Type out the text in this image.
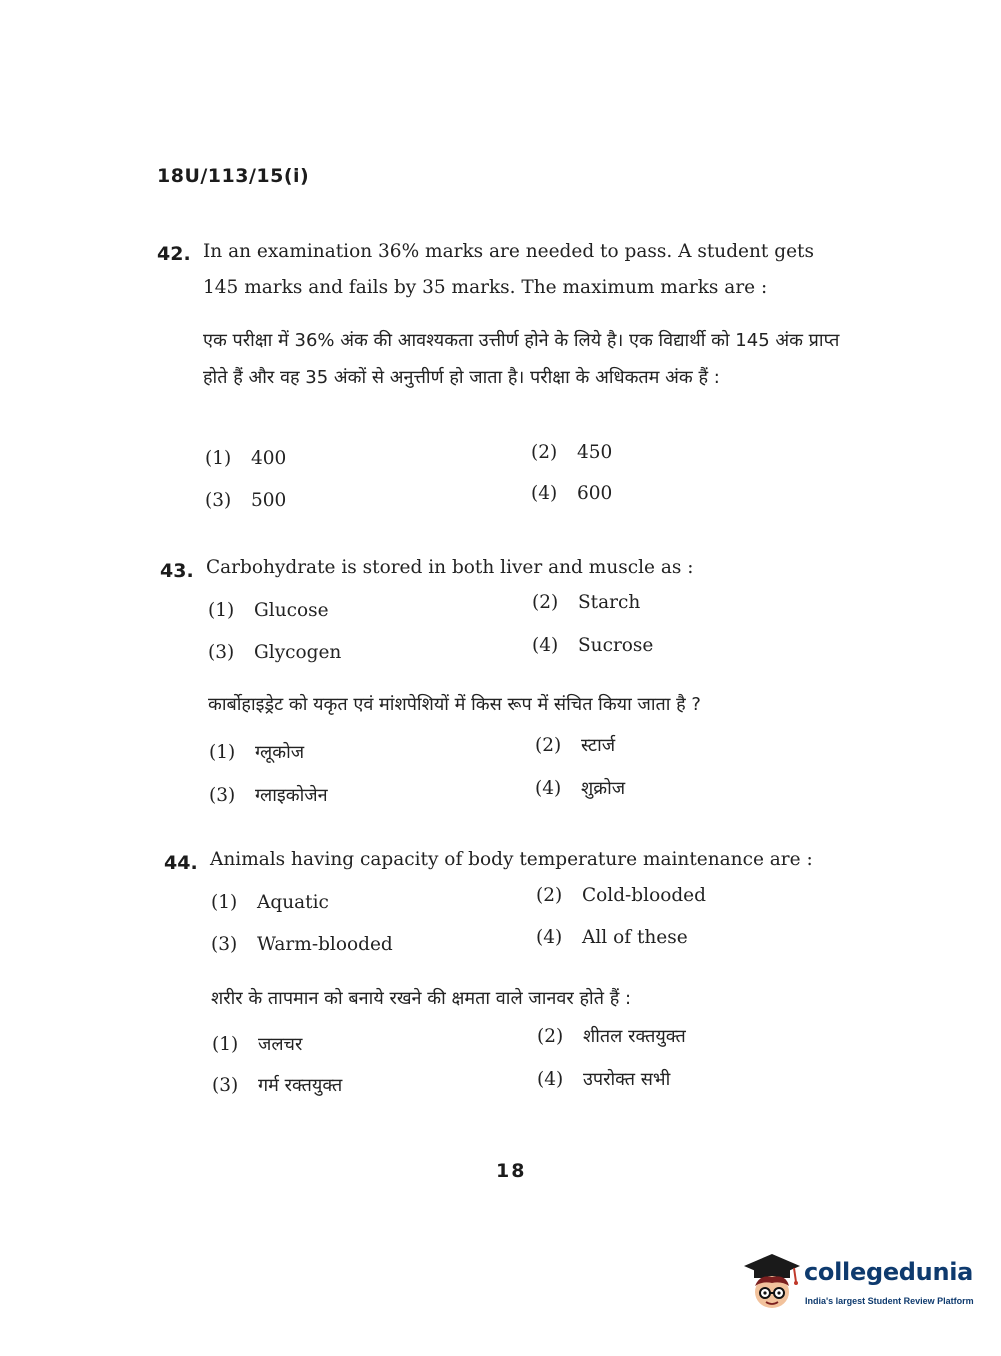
18U/113/15(i)
42. In an examination 36% marks are needed to pass. A student gets 145 marks and fails by 35 marks. The maximum marks are :
एक परीक्षा में 36% अंक की आवश्यकता उत्तीर्ण होने के लिये है। एक विद्यार्थी को 145 अंक प्राप्त होते हैं और वह 35 अंकों से अनुत्तीर्ण हो जाता है। परीक्षा के अधिकतम अंक हैं :
(1) 400	(2) 450
(3) 500	(4) 600
43. Carbohydrate is stored in both liver and muscle as :
(1) Glucose	(2) Starch
(3) Glycogen	(4) Sucrose
कार्बोहाइड्रेट को यकृत एवं मांशपेशियों में किस रूप में संचित किया जाता है ?
(1) ग्लूकोज	(2) स्टार्ज
(3) ग्लाइकोजेन	(4) शुक्रोज
44. Animals having capacity of body temperature maintenance are :
(1) Aquatic	(2) Cold-blooded
(3) Warm-blooded	(4) All of these
शरीर के तापमान को बनाये रखने की क्षमता वाले जानवर होते हैं :
(1) जलचर	(2) शीतल रक्तयुक्त
(3) गर्म रक्तयुक्त	(4) उपरोक्त सभी
18
collegedunia
India's largest Student Review Platform
